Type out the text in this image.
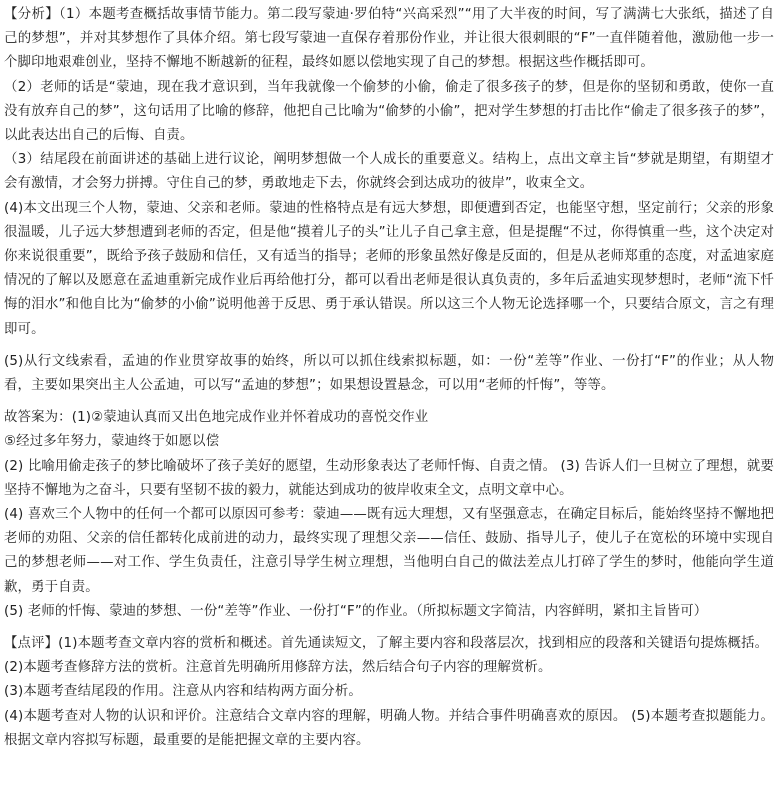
【分析】（1）本题考查概括故事情节能力。第二段写蒙迪·罗伯特“兴高采烈”“用了大半夜的时间，写了满满七大张纸，描述了自己的梦想”，并对其梦想作了具体介绍。第七段写蒙迪一直保存着那份作业，并让很大很刺眼的“F”一直伴随着他，激励他一步一个脚印地艰难创业，坚持不懈地不断越新的征程，最终如愿以偿地实现了自己的梦想。根据这些作概括即可。

（2）老师的话是“蒙迪，现在我才意识到，当年我就像一个偷梦的小偷，偷走了很多孩子的梦，但是你的坚韧和勇敢，使你一直没有放弃自己的梦”，这句话用了比喻的修辞，他把自己比喻为“偷梦的小偷”，把对学生梦想的打击比作“偷走了很多孩子的梦”，以此表达出自己的后悔、自责。

（3）结尾段在前面讲述的基础上进行议论，阐明梦想做一个人成长的重要意义。结构上，点出文章主旨“梦就是期望，有期望才会有激情，才会努力拼搏。守住自己的梦，勇敢地走下去，你就终会到达成功的彼岸”，收束全文。

(4)本文出现三个人物，蒙迪、父亲和老师。蒙迪的性格特点是有远大梦想，即便遭到否定，也能坚守想，坚定前行；父亲的形象很温暖，儿子远大梦想遭到老师的否定，但是他“摸着儿子的头”让儿子自己拿主意，但是提醒“不过，你得慎重一些，这个决定对你来说很重要”，既给予孩子鼓励和信任，又有适当的指导；老师的形象虽然好像是反面的，但是从老师郑重的态度，对孟迪家庭情况的了解以及愿意在孟迪重新完成作业后再给他打分，都可以看出老师是很认真负责的，多年后孟迪实现梦想时，老师“流下忏悔的泪水”和他自比为“偷梦的小偷”说明他善于反思、勇于承认错误。所以这三个人物无论选择哪一个，只要结合原文，言之有理即可。

(5)从行文线索看，孟迪的作业贯穿故事的始终，所以可以抓住线索拟标题，如：一份“差等”作业、一份打“F”的作业；从人物看，主要如果突出主人公孟迪，可以写“孟迪的梦想”；如果想设置悬念，可以用“老师的忏悔”，等等。

故答案为：(1)②蒙迪认真而又出色地完成作业并怀着成功的喜悦交作业

⑤经过多年努力，蒙迪终于如愿以偿

(2) 比喻用偷走孩子的梦比喻破坏了孩子美好的愿望，生动形象表达了老师忏悔、自责之情。 (3) 告诉人们一旦树立了理想，就要坚持不懈地为之奋斗，只要有坚韧不拔的毅力，就能达到成功的彼岸收束全文，点明文章中心。

(4) 喜欢三个人物中的任何一个都可以原因可参考：蒙迪——既有远大理想，又有坚强意志，在确定目标后，能始终坚持不懈地把老师的劝阻、父亲的信任都转化成前进的动力，最终实现了理想父亲——信任、鼓励、指导儿子，使儿子在宽松的环境中实现自己的梦想老师——对工作、学生负责任，注意引导学生树立理想，当他明白自己的做法差点儿打碎了学生的梦时，他能向学生道歉，勇于自责。

(5) 老师的忏悔、蒙迪的梦想、一份“差等”作业、一份打“F”的作业。（所拟标题文字简洁，内容鲜明，紧扣主旨皆可）

【点评】(1)本题考查文章内容的赏析和概述。首先通读短文，了解主要内容和段落层次，找到相应的段落和关键语句提炼概括。

(2)本题考查修辞方法的赏析。注意首先明确所用修辞方法，然后结合句子内容的理解赏析。

(3)本题考查结尾段的作用。注意从内容和结构两方面分析。

(4)本题考查对人物的认识和评价。注意结合文章内容的理解，明确人物。并结合事件明确喜欢的原因。 (5)本题考查拟题能力。根据文章内容拟写标题，最重要的是能把握文章的主要内容。
